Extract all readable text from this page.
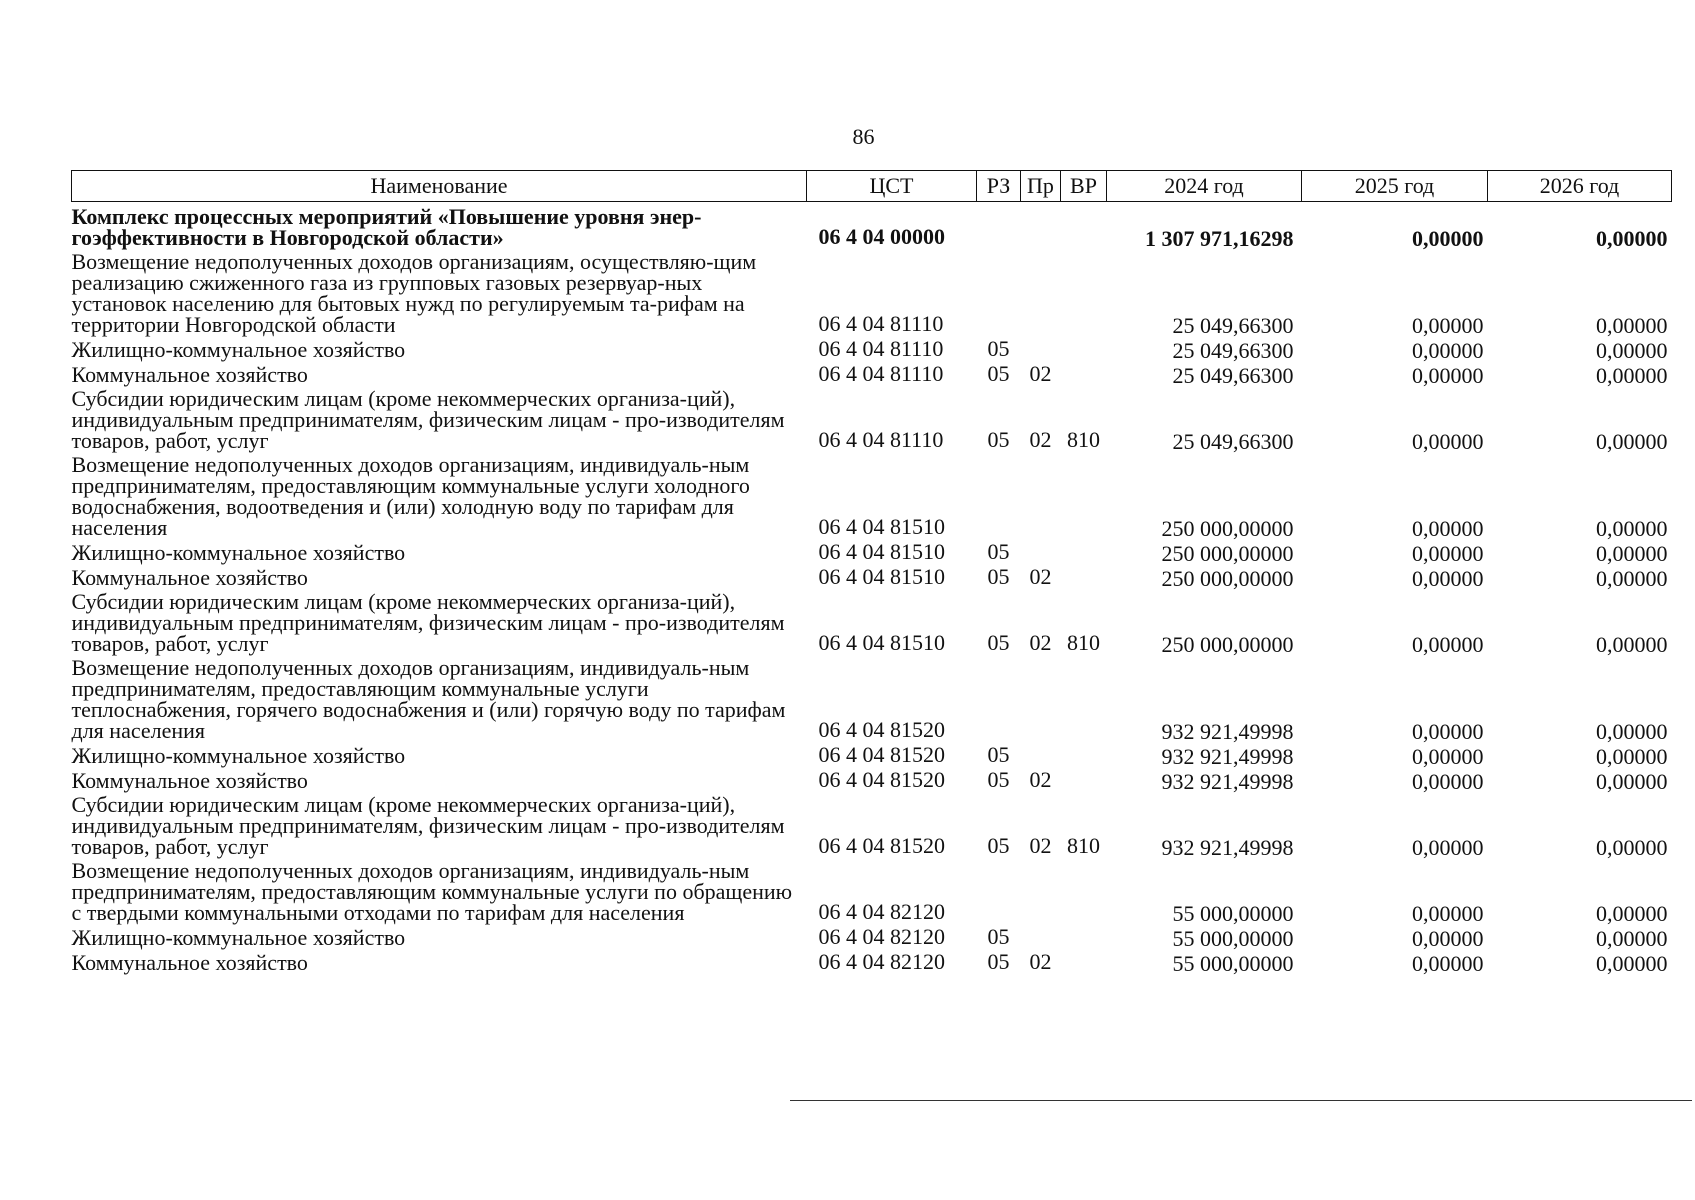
86
Наименование	ЦСТ	РЗ	Пр	ВР	2024 год	2025 год	2026 год
Комплекс процессных мероприятий «Повышение уровня энер-гоэффективности в Новгородской области»	06 4 04 00000				1 307 971,16298	0,00000	0,00000
Возмещение недополученных доходов организациям, осуществляю-щим реализацию сжиженного газа из групповых газовых резервуар-ных установок населению для бытовых нужд по регулируемым та-рифам на территории Новгородской области	06 4 04 81110				25 049,66300	0,00000	0,00000
Жилищно-коммунальное хозяйство	06 4 04 81110	05			25 049,66300	0,00000	0,00000
Коммунальное хозяйство	06 4 04 81110	05	02		25 049,66300	0,00000	0,00000
Субсидии юридическим лицам (кроме некоммерческих организа-ций), индивидуальным предпринимателям, физическим лицам - про-изводителям товаров, работ, услуг	06 4 04 81110	05	02	810	25 049,66300	0,00000	0,00000
Возмещение недополученных доходов организациям, индивидуаль-ным предпринимателям, предоставляющим коммунальные услуги холодного водоснабжения, водоотведения и (или) холодную воду по тарифам для населения	06 4 04 81510				250 000,00000	0,00000	0,00000
Жилищно-коммунальное хозяйство	06 4 04 81510	05			250 000,00000	0,00000	0,00000
Коммунальное хозяйство	06 4 04 81510	05	02		250 000,00000	0,00000	0,00000
Субсидии юридическим лицам (кроме некоммерческих организа-ций), индивидуальным предпринимателям, физическим лицам - про-изводителям товаров, работ, услуг	06 4 04 81510	05	02	810	250 000,00000	0,00000	0,00000
Возмещение недополученных доходов организациям, индивидуаль-ным предпринимателям, предоставляющим коммунальные услуги теплоснабжения, горячего водоснабжения и (или) горячую воду по тарифам для населения	06 4 04 81520				932 921,49998	0,00000	0,00000
Жилищно-коммунальное хозяйство	06 4 04 81520	05			932 921,49998	0,00000	0,00000
Коммунальное хозяйство	06 4 04 81520	05	02		932 921,49998	0,00000	0,00000
Субсидии юридическим лицам (кроме некоммерческих организа-ций), индивидуальным предпринимателям, физическим лицам - про-изводителям товаров, работ, услуг	06 4 04 81520	05	02	810	932 921,49998	0,00000	0,00000
Возмещение недополученных доходов организациям, индивидуаль-ным предпринимателям, предоставляющим коммунальные услуги по обращению с твердыми коммунальными отходами по тарифам для населения	06 4 04 82120				55 000,00000	0,00000	0,00000
Жилищно-коммунальное хозяйство	06 4 04 82120	05			55 000,00000	0,00000	0,00000
Коммунальное хозяйство	06 4 04 82120	05	02		55 000,00000	0,00000	0,00000
